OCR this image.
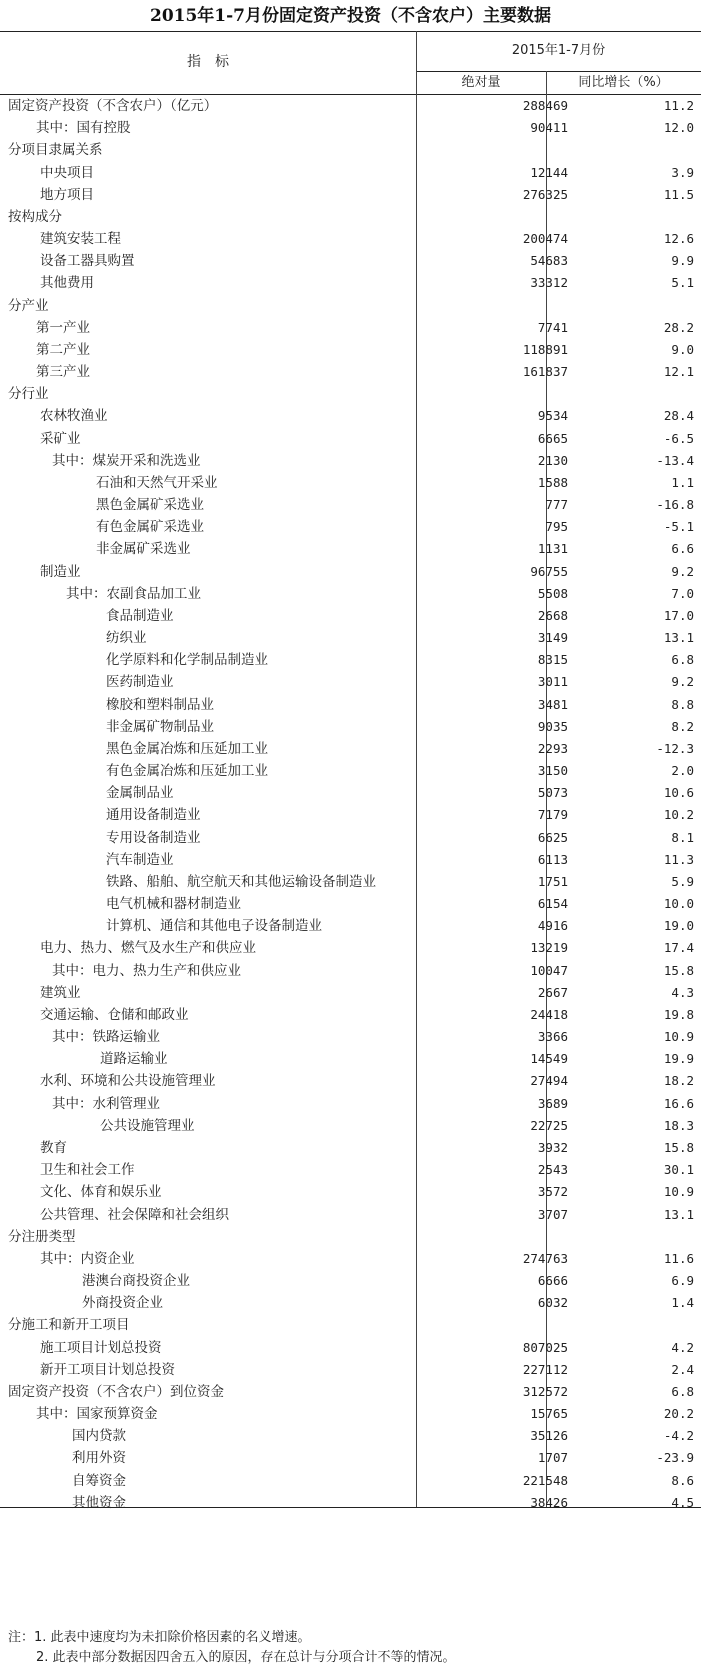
2015年1-7月份固定资产投资（不含农户）主要数据
指　标
2015年1-7月份
绝对量	同比增长（%）
固定资产投资（不含农户）（亿元）	288469	11.2
其中：国有控股	90411	12.0
分项目隶属关系
中央项目	12144	3.9
地方项目	276325	11.5
按构成分
建筑安装工程	200474	12.6
设备工器具购置	54683	9.9
其他费用	33312	5.1
分产业
第一产业	7741	28.2
第二产业	118891	9.0
第三产业	161837	12.1
分行业
农林牧渔业	9534	28.4
采矿业	6665	-6.5
其中：煤炭开采和洗选业	2130	-13.4
石油和天然气开采业	1588	1.1
黑色金属矿采选业	777	-16.8
有色金属矿采选业	795	-5.1
非金属矿采选业	1131	6.6
制造业	96755	9.2
其中：农副食品加工业	5508	7.0
食品制造业	2668	17.0
纺织业	3149	13.1
化学原料和化学制品制造业	8315	6.8
医药制造业	3011	9.2
橡胶和塑料制品业	3481	8.8
非金属矿物制品业	9035	8.2
黑色金属冶炼和压延加工业	2293	-12.3
有色金属冶炼和压延加工业	3150	2.0
金属制品业	5073	10.6
通用设备制造业	7179	10.2
专用设备制造业	6625	8.1
汽车制造业	6113	11.3
铁路、船舶、航空航天和其他运输设备制造业	1751	5.9
电气机械和器材制造业	6154	10.0
计算机、通信和其他电子设备制造业	4916	19.0
电力、热力、燃气及水生产和供应业	13219	17.4
其中：电力、热力生产和供应业	10047	15.8
建筑业	2667	4.3
交通运输、仓储和邮政业	24418	19.8
其中：铁路运输业	3366	10.9
道路运输业	14549	19.9
水利、环境和公共设施管理业	27494	18.2
其中：水利管理业	3689	16.6
公共设施管理业	22725	18.3
教育	3932	15.8
卫生和社会工作	2543	30.1
文化、体育和娱乐业	3572	10.9
公共管理、社会保障和社会组织	3707	13.1
分注册类型
其中：内资企业	274763	11.6
港澳台商投资企业	6666	6.9
外商投资企业	6032	1.4
分施工和新开工项目
施工项目计划总投资	807025	4.2
新开工项目计划总投资	227112	2.4
固定资产投资（不含农户）到位资金	312572	6.8
其中：国家预算资金	15765	20.2
国内贷款	35126	-4.2
利用外资	1707	-23.9
自筹资金	221548	8.6
其他资金	38426	4.5
注：1. 此表中速度均为未扣除价格因素的名义增速。
2. 此表中部分数据因四舍五入的原因，存在总计与分项合计不等的情况。
